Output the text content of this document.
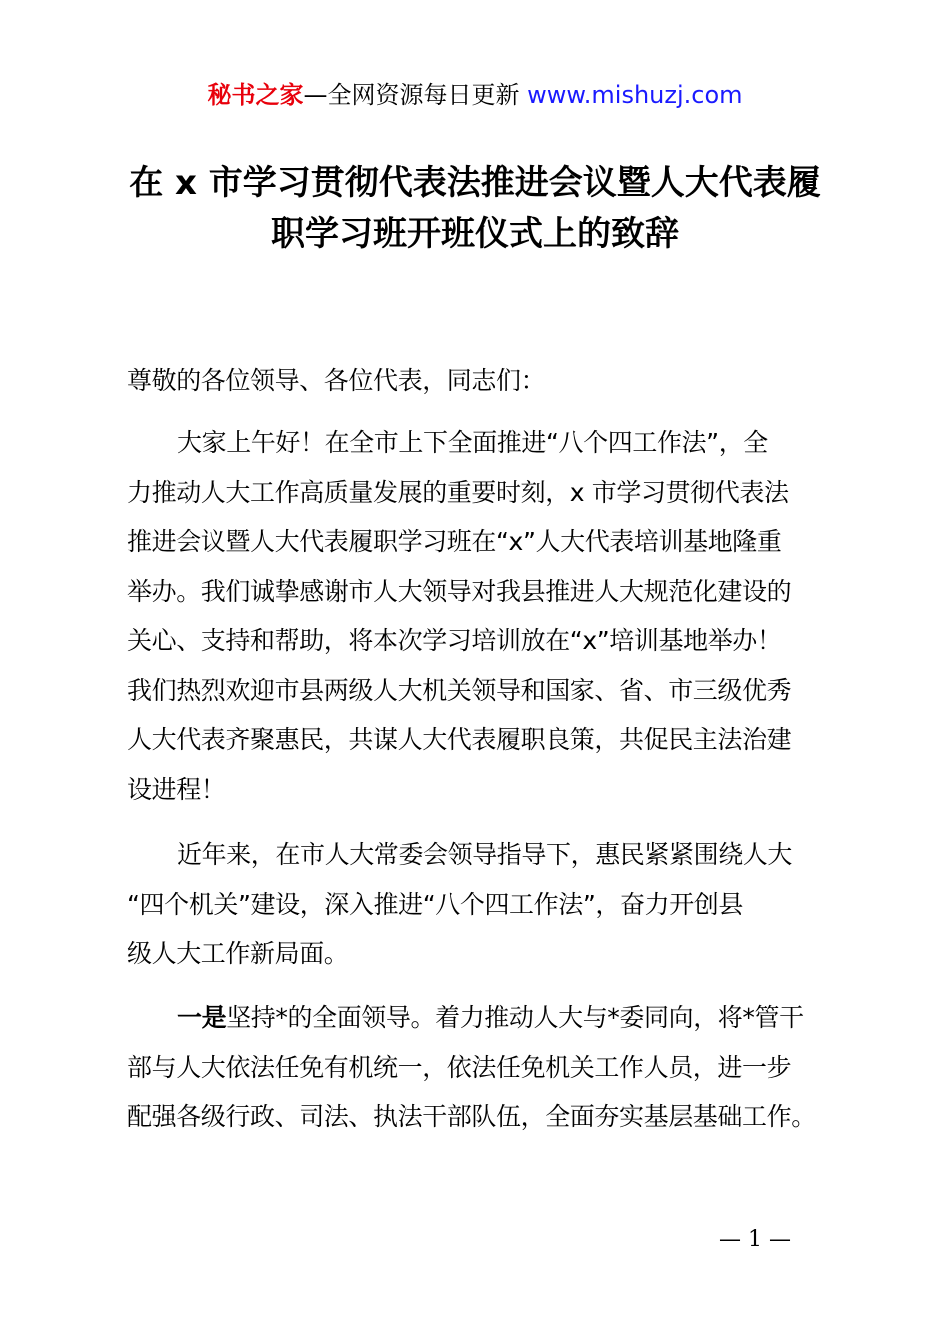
秘书之家—全网资源每日更新 www.mishuzj.com
在 x 市学习贯彻代表法推进会议暨人大代表履
职学习班开班仪式上的致辞
尊敬的各位领导、各位代表，同志们：
大家上午好！在全市上下全面推进“八个四工作法”，全
力推动人大工作高质量发展的重要时刻，x 市学习贯彻代表法
推进会议暨人大代表履职学习班在“x”人大代表培训基地隆重
举办。我们诚挚感谢市人大领导对我县推进人大规范化建设的
关心、支持和帮助，将本次学习培训放在“x”培训基地举办！
我们热烈欢迎市县两级人大机关领导和国家、省、市三级优秀
人大代表齐聚惠民，共谋人大代表履职良策，共促民主法治建
设进程！
近年来，在市人大常委会领导指导下，惠民紧紧围绕人大
“四个机关”建设，深入推进“八个四工作法”，奋力开创县
级人大工作新局面。
一是坚持*的全面领导。着力推动人大与*委同向，将*管干
部与人大依法任免有机统一，依法任免机关工作人员，进一步
配强各级行政、司法、执法干部队伍，全面夯实基层基础工作。
— 1 —
